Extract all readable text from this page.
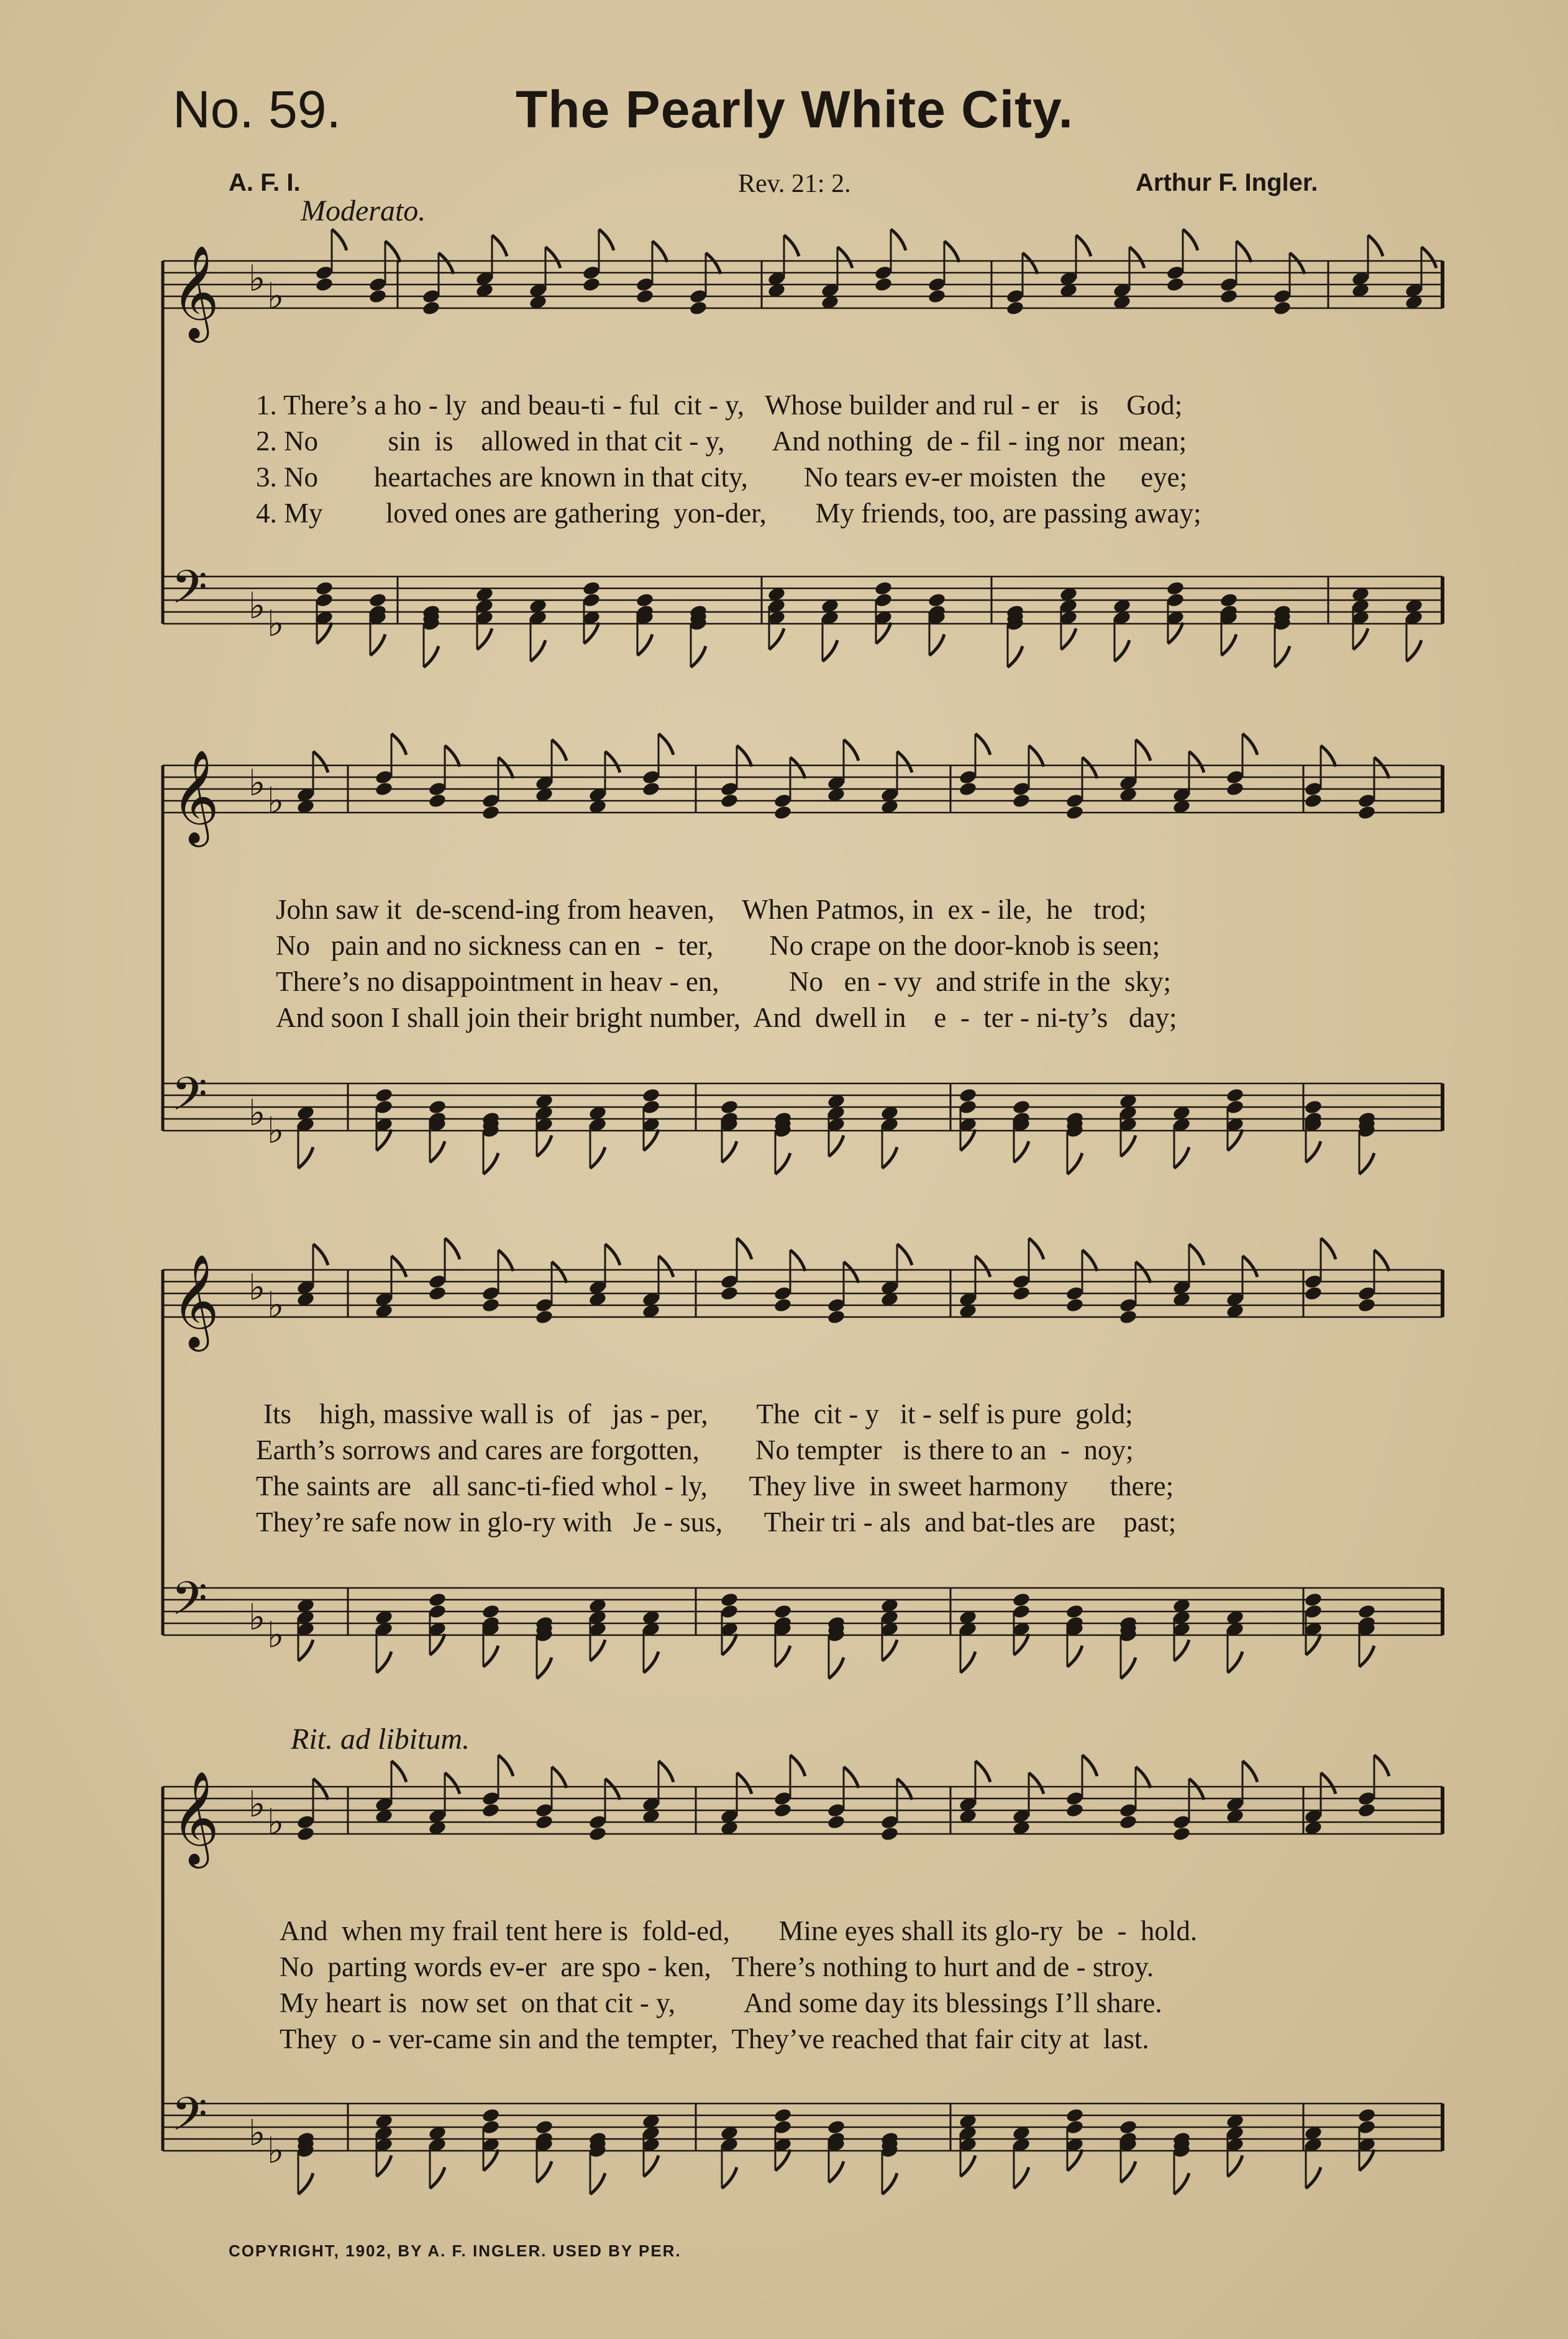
No. 59.	The Pearly White City.
A. F. I.	Rev. 21: 2.	Arthur F. Ingler.
Moderato.
Rit. ad libitum.
𝄞 ♭ ♭
𝄢 ♭ ♭
𝄞 ♭ ♭
𝄢 ♭ ♭
𝄞 ♭ ♭
𝄢 ♭ ♭
𝄞 ♭ ♭
𝄢 ♭ ♭
1. There’s a ho - ly  and beau-ti - ful  cit - y,   Whose builder and rul - er   is    God;
2. No          sin  is    allowed in that cit - y,       And nothing  de - fil - ing nor  mean;
3. No        heartaches are known in that city,        No tears ev-er moisten  the     eye;
4. My         loved ones are gathering  yon-der,       My friends, too, are passing away;
John saw it  de-scend-ing from heaven,    When Patmos, in  ex - ile,  he   trod;
No   pain and no sickness can en  -  ter,        No crape on the door-knob is seen;
There’s no disappointment in heav - en,          No   en - vy  and strife in the  sky;
And soon I shall join their bright number,  And  dwell in    e  -  ter - ni-ty’s   day;
Its    high, massive wall is  of   jas - per,       The  cit - y   it - self is pure  gold;
Earth’s sorrows and cares are forgotten,        No tempter   is there to an  -  noy;
The saints are   all sanc-ti-fied whol - ly,      They live  in sweet harmony      there;
They’re safe now in glo-ry with   Je - sus,      Their tri - als  and bat-tles are    past;
And  when my frail tent here is  fold-ed,       Mine eyes shall its glo-ry  be  -  hold.
No  parting words ev-er  are spo - ken,   There’s nothing to hurt and de - stroy.
My heart is  now set  on that cit - y,          And some day its blessings I’ll share.
They  o - ver-came sin and the tempter,  They’ve reached that fair city at  last.
COPYRIGHT, 1902, BY A. F. INGLER. USED BY PER.
